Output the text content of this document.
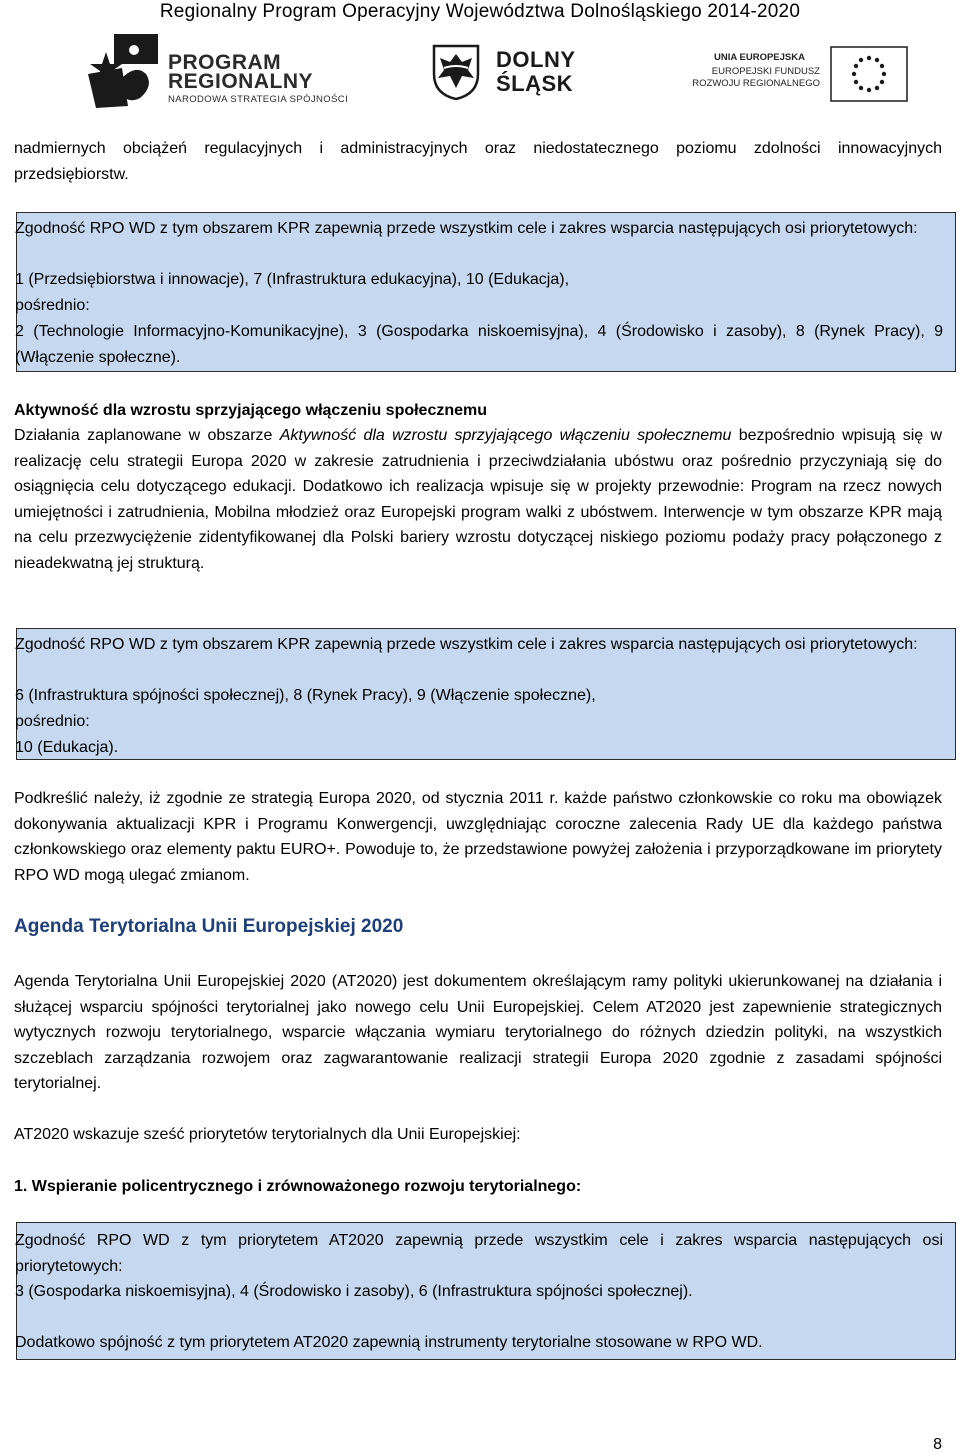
Regionalny Program Operacyjny Województwa Dolnośląskiego 2014-2020
PROGRAM
REGIONALNY
NARODOWA STRATEGIA SPÓJNOŚCI
DOLNY
ŚLĄSK
UNIA EUROPEJSKA
EUROPEJSKI FUNDUSZ
ROZWOJU REGIONALNEGO
nadmiernych obciążeń regulacyjnych i administracyjnych oraz niedostatecznego poziomu zdolności innowacyjnych przedsiębiorstw.
Zgodność RPO WD z tym obszarem KPR zapewnią przede wszystkim cele i zakres wsparcia następujących osi priorytetowych:
1 (Przedsiębiorstwa i innowacje), 7 (Infrastruktura edukacyjna), 10 (Edukacja),
pośrednio:
2 (Technologie Informacyjno-Komunikacyjne), 3 (Gospodarka niskoemisyjna), 4 (Środowisko i zasoby), 8 (Rynek Pracy), 9 (Włączenie społeczne).
Aktywność dla wzrostu sprzyjającego włączeniu społecznemu
Działania zaplanowane w obszarze Aktywność dla wzrostu sprzyjającego włączeniu społecznemu bezpośrednio wpisują się w realizację celu strategii Europa 2020 w zakresie zatrudnienia i przeciwdziałania ubóstwu oraz pośrednio przyczyniają się do osiągnięcia celu dotyczącego edukacji. Dodatkowo ich realizacja wpisuje się w projekty przewodnie: Program na rzecz nowych umiejętności i zatrudnienia, Mobilna młodzież oraz Europejski program walki z ubóstwem. Interwencje w tym obszarze KPR mają na celu przezwyciężenie zidentyfikowanej dla Polski bariery wzrostu dotyczącej niskiego poziomu podaży pracy połączonego z nieadekwatną jej strukturą.
Zgodność RPO WD z tym obszarem KPR zapewnią przede wszystkim cele i zakres wsparcia następujących osi priorytetowych:
6 (Infrastruktura spójności społecznej), 8 (Rynek Pracy), 9 (Włączenie społeczne),
pośrednio:
10 (Edukacja).
Podkreślić należy, iż zgodnie ze strategią Europa 2020, od stycznia 2011 r. każde państwo członkowskie co roku ma obowiązek dokonywania aktualizacji KPR i Programu Konwergencji, uwzględniając coroczne zalecenia Rady UE dla każdego państwa członkowskiego oraz elementy paktu EURO+. Powoduje to, że przedstawione powyżej założenia i przyporządkowane im priorytety RPO WD mogą ulegać zmianom.
Agenda Terytorialna Unii Europejskiej 2020
Agenda Terytorialna Unii Europejskiej 2020 (AT2020) jest dokumentem określającym ramy polityki ukierunkowanej na działania i służącej wsparciu spójności terytorialnej jako nowego celu Unii Europejskiej. Celem AT2020 jest zapewnienie strategicznych wytycznych rozwoju terytorialnego, wsparcie włączania wymiaru terytorialnego do różnych dziedzin polityki, na wszystkich szczeblach zarządzania rozwojem oraz zagwarantowanie realizacji strategii Europa 2020 zgodnie z zasadami spójności terytorialnej.
AT2020 wskazuje sześć priorytetów terytorialnych dla Unii Europejskiej:
1. Wspieranie policentrycznego i zrównoważonego rozwoju terytorialnego:
Zgodność RPO WD z tym priorytetem AT2020 zapewnią przede wszystkim cele i zakres wsparcia następujących osi priorytetowych:
3 (Gospodarka niskoemisyjna), 4 (Środowisko i zasoby), 6 (Infrastruktura spójności społecznej).
Dodatkowo spójność z tym priorytetem AT2020 zapewnią instrumenty terytorialne stosowane w RPO WD.
8
